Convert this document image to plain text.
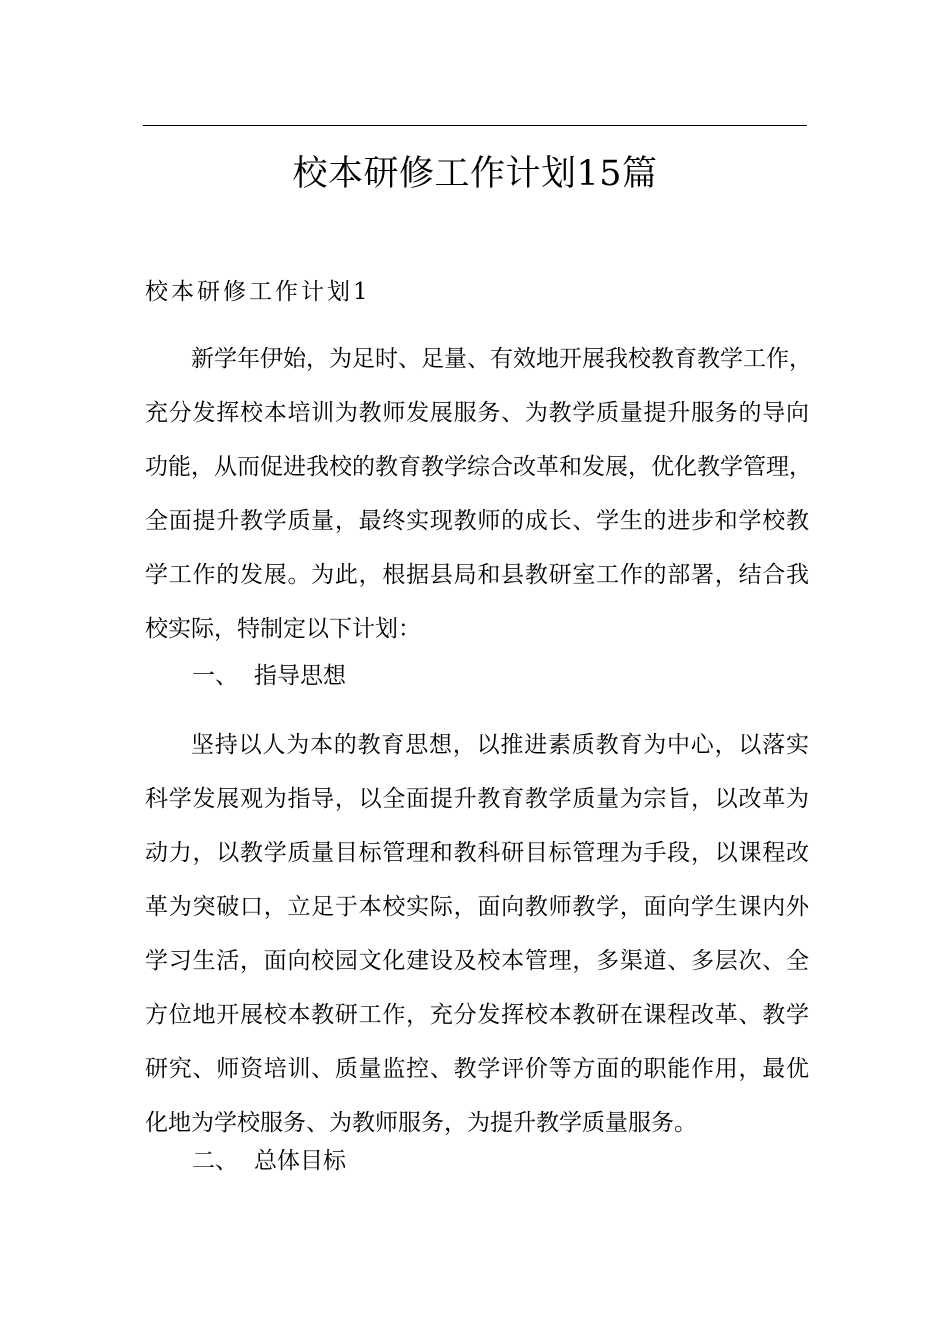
校本研修工作计划15篇
校本研修工作计划1
新学年伊始，为足时、足量、有效地开展我校教育教学工作，
充分发挥校本培训为教师发展服务、为教学质量提升服务的导向
功能，从而促进我校的教育教学综合改革和发展，优化教学管理，
全面提升教学质量，最终实现教师的成长、学生的进步和学校教
学工作的发展。为此，根据县局和县教研室工作的部署，结合我
校实际，特制定以下计划：
一、 指导思想
坚持以人为本的教育思想，以推进素质教育为中心，以落实
科学发展观为指导，以全面提升教育教学质量为宗旨，以改革为
动力，以教学质量目标管理和教科研目标管理为手段，以课程改
革为突破口，立足于本校实际，面向教师教学，面向学生课内外
学习生活，面向校园文化建设及校本管理，多渠道、多层次、全
方位地开展校本教研工作，充分发挥校本教研在课程改革、教学
研究、师资培训、质量监控、教学评价等方面的职能作用，最优
化地为学校服务、为教师服务，为提升教学质量服务。
二、 总体目标
